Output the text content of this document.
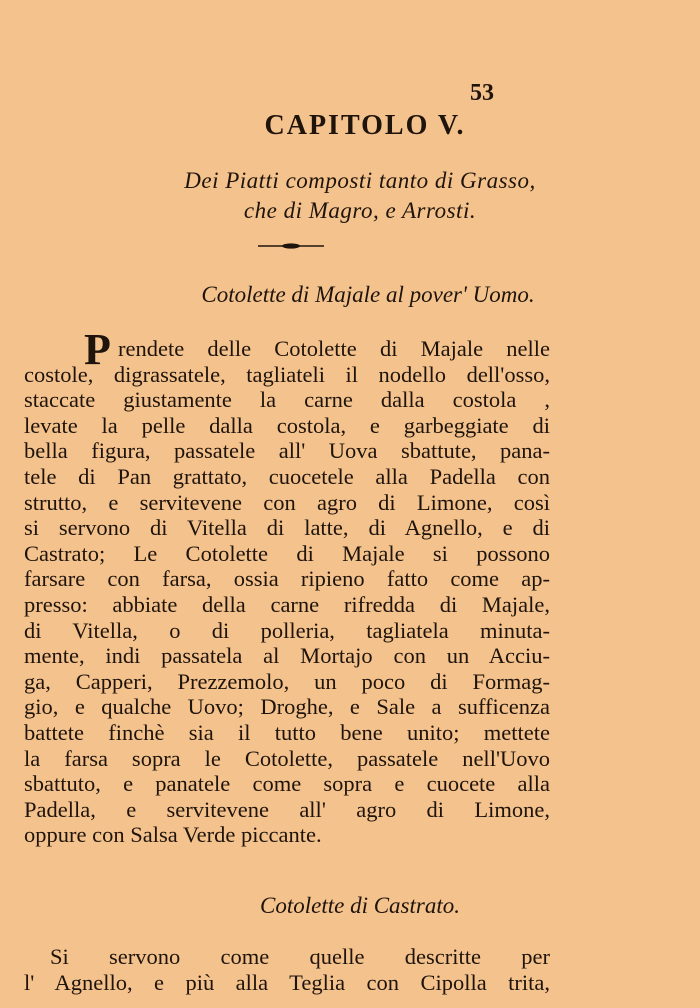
53
CAPITOLO V.
Dei Piatti composti tanto di Grasso,
che di Magro, e Arrosti.
Cotolette di Majale al pover' Uomo.
P rendete delle Cotolette di Majale nelle
costole, digrassatele, tagliateli il nodello dell'osso,
staccate giustamente la carne dalla costola ,
levate la pelle dalla costola, e garbeggiate di
bella figura, passatele all' Uova sbattute, pana-
tele di Pan grattato, cuocetele alla Padella con
strutto, e servitevene con agro di Limone, così
si servono di Vitella di latte, di Agnello, e di
Castrato; Le Cotolette di Majale si possono
farsare con farsa, ossia ripieno fatto come ap-
presso: abbiate della carne rifredda di Majale,
di Vitella, o di polleria, tagliatela minuta-
mente, indi passatela al Mortajo con un Acciu-
ga, Capperi, Prezzemolo, un poco di Formag-
gio, e qualche Uovo; Droghe, e Sale a sufficenza
battete finchè sia il tutto bene unito; mettete
la farsa sopra le Cotolette, passatele nell'Uovo
sbattuto, e panatele come sopra e cuocete alla
Padella, e servitevene all' agro di Limone,
oppure con Salsa Verde piccante.
Cotolette di Castrato.
Si servono come quelle descritte per
l' Agnello, e più alla Teglia con Cipolla trita,
